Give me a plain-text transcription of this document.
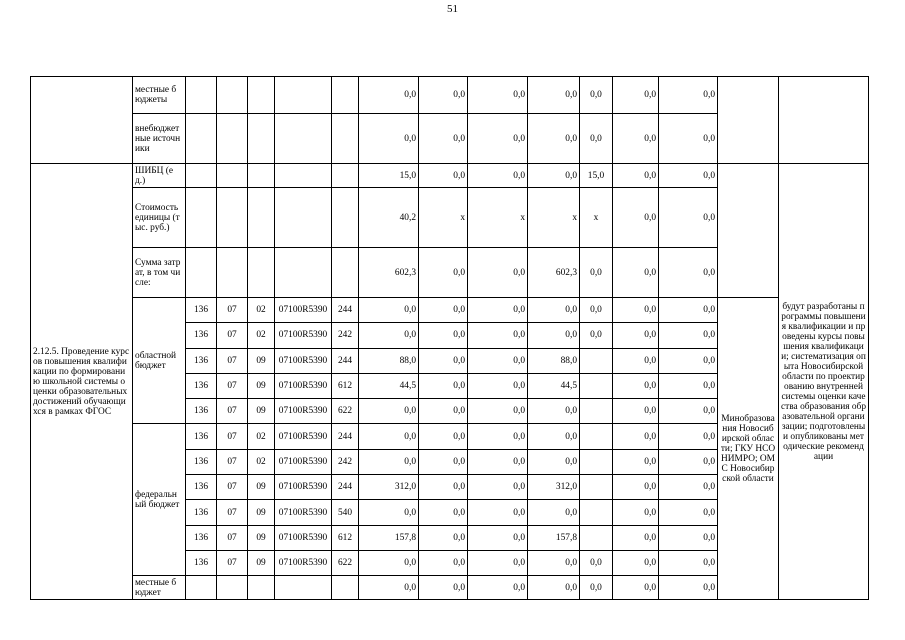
51
	местные бюджеты						0,0	0,0	0,0	0,0	0,0	0,0	0,0		
	внебюджетные источники						0,0	0,0	0,0	0,0	0,0	0,0	0,0		
2.12.5. Проведение курсов повышения квалификации по формированию школьной системы оценки образовательных достижений обучающихся в рамках ФГОС	ШИБЦ (ед.)						15,0	0,0	0,0	0,0	15,0	0,0	0,0		будут разработаны программы повышения квалификации и проведены курсы повышения квалификации; систематизация опыта Новосибирской области по проектированию внутренней системы оценки качества образования образовательной организации; подготовлены и опубликованы методические рекомендации
	Стоимость единицы (тыс. руб.)						40,2	x	x	x	x	0,0	0,0		
	Сумма затрат, в том числе:						602,3	0,0	0,0	602,3	0,0	0,0	0,0		
	областной бюджет	136	07	02	07100R5390	244	0,0	0,0	0,0	0,0	0,0	0,0	0,0	Минобразования Новосибирской области; ГКУ НСО НИМРО; ОМС Новосибирской области	
		136	07	02	07100R5390	242	0,0	0,0	0,0	0,0	0,0	0,0	0,0		
		136	07	09	07100R5390	244	88,0	0,0	0,0	88,0		0,0	0,0		
		136	07	09	07100R5390	612	44,5	0,0	0,0	44,5		0,0	0,0		
		136	07	09	07100R5390	622	0,0	0,0	0,0	0,0		0,0	0,0		
	федеральный бюджет	136	07	02	07100R5390	244	0,0	0,0	0,0	0,0		0,0	0,0		
		136	07	02	07100R5390	242	0,0	0,0	0,0	0,0		0,0	0,0		
		136	07	09	07100R5390	244	312,0	0,0	0,0	312,0		0,0	0,0		
		136	07	09	07100R5390	540	0,0	0,0	0,0	0,0		0,0	0,0		
		136	07	09	07100R5390	612	157,8	0,0	0,0	157,8		0,0	0,0		
		136	07	09	07100R5390	622	0,0	0,0	0,0	0,0	0,0	0,0	0,0		
	местные бюджет						0,0	0,0	0,0	0,0	0,0	0,0	0,0		
